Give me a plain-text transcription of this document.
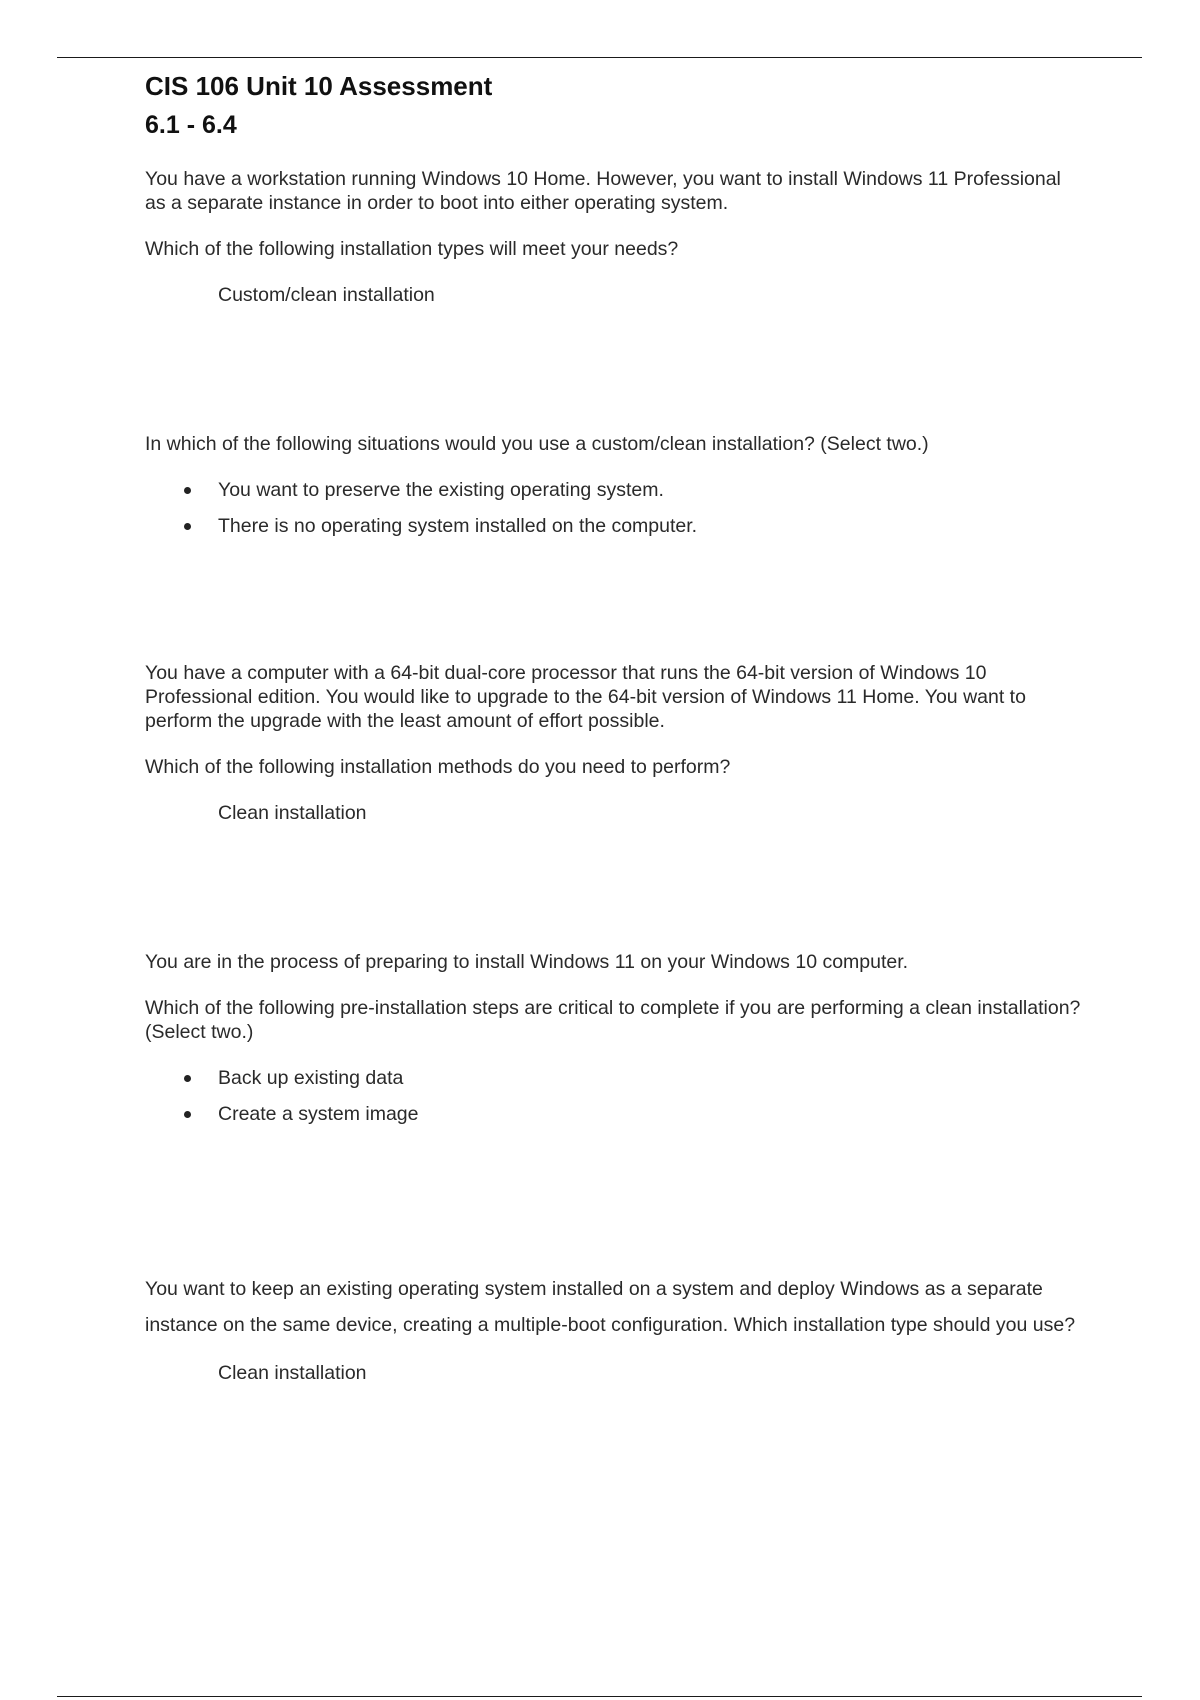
CIS 106 Unit 10 Assessment
6.1 - 6.4

You have a workstation running Windows 10 Home. However, you want to install Windows 11 Professional as a separate instance in order to boot into either operating system.

Which of the following installation types will meet your needs?

Custom/clean installation

In which of the following situations would you use a custom/clean installation? (Select two.)

You want to preserve the existing operating system.
There is no operating system installed on the computer.

You have a computer with a 64-bit dual-core processor that runs the 64-bit version of Windows 10 Professional edition. You would like to upgrade to the 64-bit version of Windows 11 Home. You want to perform the upgrade with the least amount of effort possible.

Which of the following installation methods do you need to perform?

Clean installation

You are in the process of preparing to install Windows 11 on your Windows 10 computer.

Which of the following pre-installation steps are critical to complete if you are performing a clean installation? (Select two.)

Back up existing data
Create a system image

You want to keep an existing operating system installed on a system and deploy Windows as a separate instance on the same device, creating a multiple-boot configuration. Which installation type should you use?

Clean installation
